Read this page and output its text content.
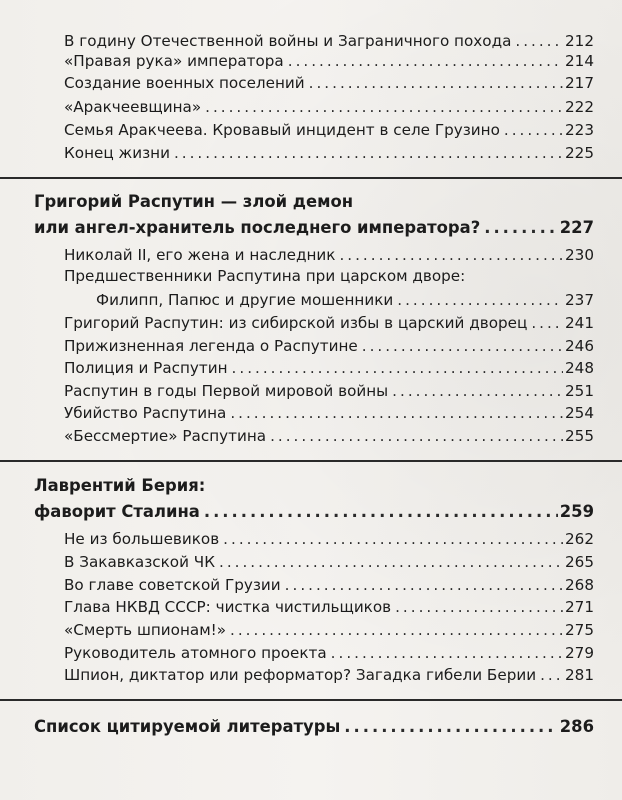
В годину Отечественной войны и Заграничного похода .....	212
«Правая рука» императора .....	214
Создание военных поселений .....	217
«Аракчеевщина» .....	222
Семья Аракчеева. Кровавый инцидент в селе Грузино .....	223
Конец жизни .....	225
Григорий Распутин — злой демон
или ангел-хранитель последнего императора? .....	227
Николай II, его жена и наследник .....	230
Предшественники Распутина при царском дворе:
Филипп, Папюс и другие мошенники .....	237
Григорий Распутин: из сибирской избы в царский дворец ..... 241
Прижизненная легенда о Распутине .....	246
Полиция и Распутин .....	248
Распутин в годы Первой мировой войны .....	251
Убийство Распутина .....	254
«Бессмертие» Распутина .....	255
Лаврентий Берия:
фаворит Сталина .....	259
Не из большевиков .....	262
В Закавказской ЧК .....	265
Во главе советской Грузии .....	268
Глава НКВД СССР: чистка чистильщиков .....	271
«Смерть шпионам!» .....	275
Руководитель атомного проекта .....	279
Шпион, диктатор или реформатор? Загадка гибели Берии ..... 281
Список цитируемой литературы .....	286
